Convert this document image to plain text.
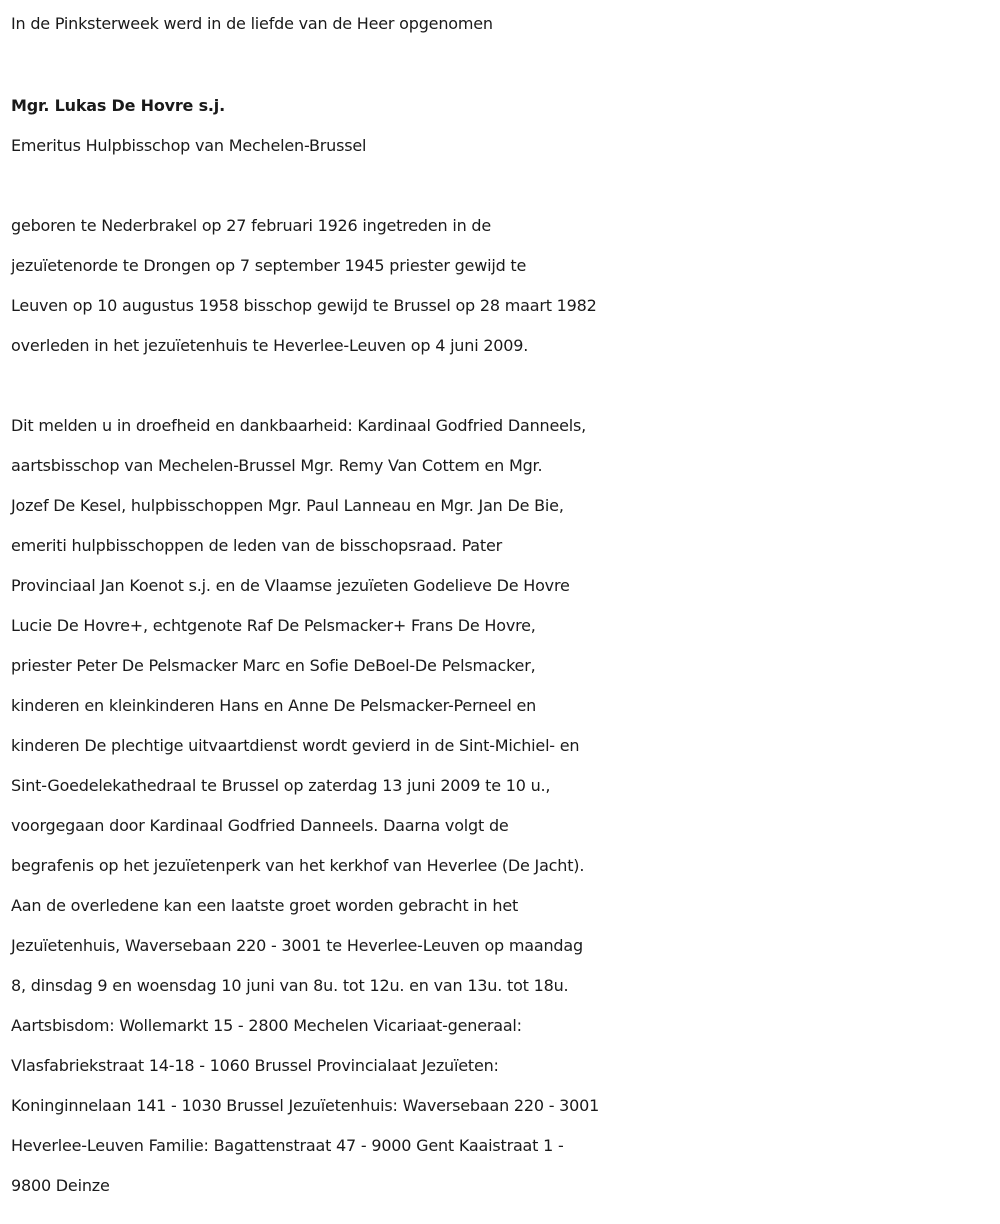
In de Pinksterweek werd in de liefde van de Heer opgenomen
Mgr. Lukas De Hovre s.j.
Emeritus Hulpbisschop van Mechelen-Brussel
geboren te Nederbrakel op 27 februari 1926 ingetreden in de
jezuïetenorde te Drongen op 7 september 1945 priester gewijd te
Leuven op 10 augustus 1958 bisschop gewijd te Brussel op 28 maart 1982
overleden in het jezuïetenhuis te Heverlee-Leuven op 4 juni 2009.
Dit melden u in droefheid en dankbaarheid: Kardinaal Godfried Danneels,
aartsbisschop van Mechelen-Brussel Mgr. Remy Van Cottem en Mgr.
Jozef De Kesel, hulpbisschoppen Mgr. Paul Lanneau en Mgr. Jan De Bie,
emeriti hulpbisschoppen de leden van de bisschopsraad. Pater
Provinciaal Jan Koenot s.j. en de Vlaamse jezuïeten Godelieve De Hovre
Lucie De Hovre+, echtgenote Raf De Pelsmacker+ Frans De Hovre,
priester Peter De Pelsmacker Marc en Sofie DeBoel-De Pelsmacker,
kinderen en kleinkinderen Hans en Anne De Pelsmacker-Perneel en
kinderen De plechtige uitvaartdienst wordt gevierd in de Sint-Michiel- en
Sint-Goedelekathedraal te Brussel op zaterdag 13 juni 2009 te 10 u.,
voorgegaan door Kardinaal Godfried Danneels. Daarna volgt de
begrafenis op het jezuïetenperk van het kerkhof van Heverlee (De Jacht).
Aan de overledene kan een laatste groet worden gebracht in het
Jezuïetenhuis, Waversebaan 220 - 3001 te Heverlee-Leuven op maandag
8, dinsdag 9 en woensdag 10 juni van 8u. tot 12u. en van 13u. tot 18u.
Aartsbisdom: Wollemarkt 15 - 2800 Mechelen Vicariaat-generaal:
Vlasfabriekstraat 14-18 - 1060 Brussel Provincialaat Jezuïeten:
Koninginnelaan 141 - 1030 Brussel Jezuïetenhuis: Waversebaan 220 - 3001
Heverlee-Leuven Familie: Bagattenstraat 47 - 9000 Gent Kaaistraat 1 -
9800 Deinze
